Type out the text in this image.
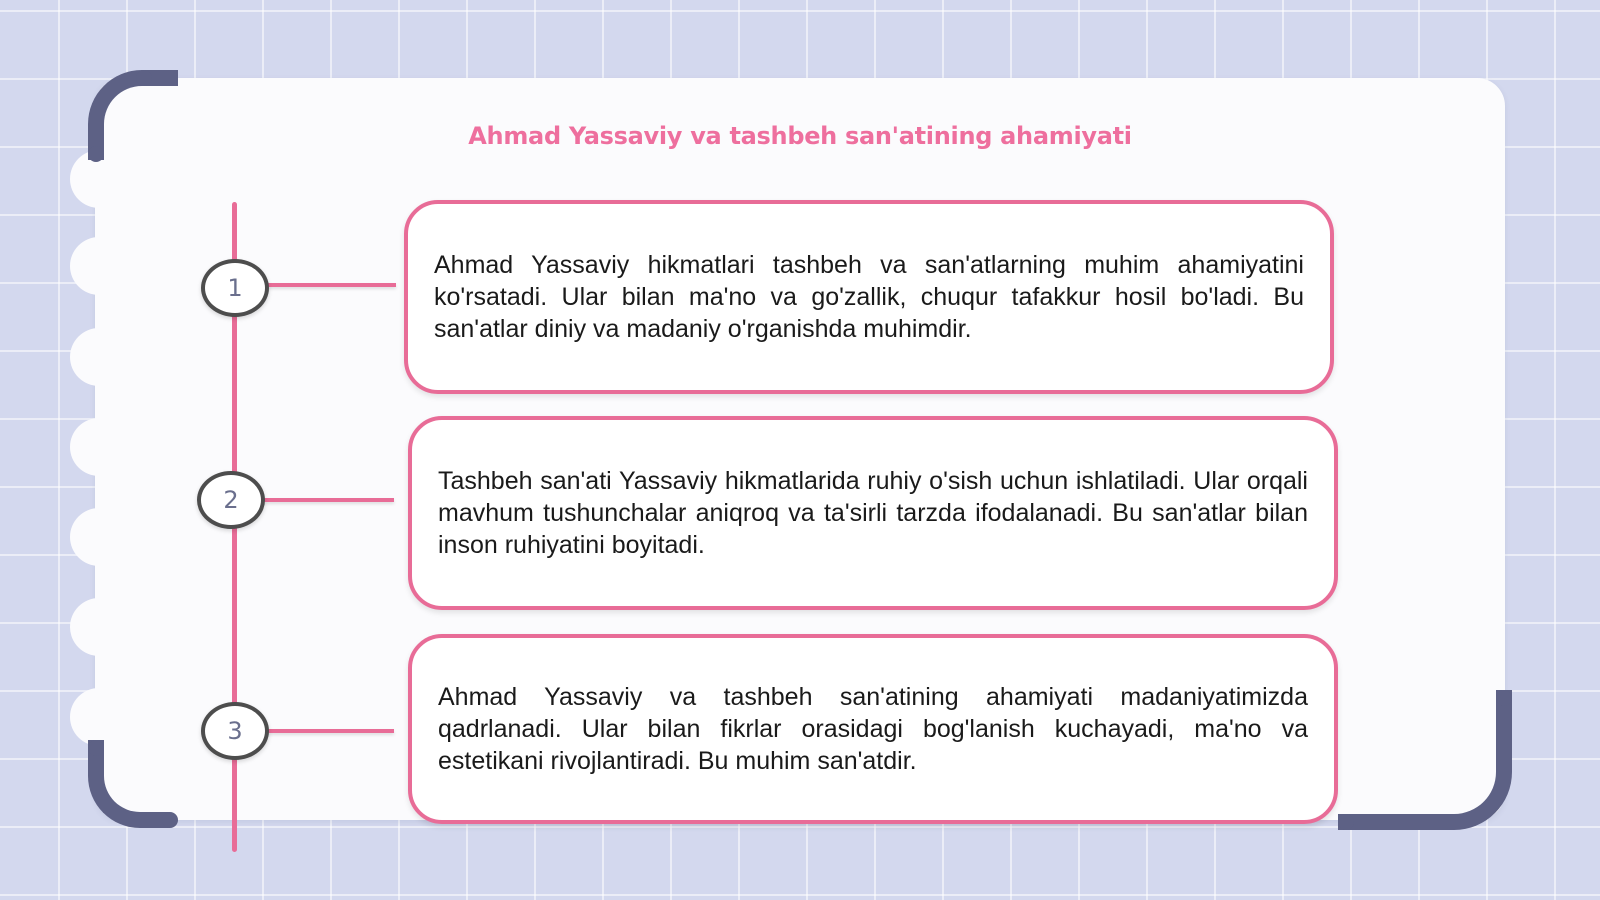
Ahmad Yassaviy va tashbeh san'atining ahamiyati
1
2
3

Ahmad Yassaviy hikmatlari tashbeh va san'atlarning muhim ahamiyatini ko'rsatadi. Ular bilan ma'no va go'zallik, chuqur tafakkur hosil bo'ladi. Bu san'atlar diniy va madaniy o'rganishda muhimdir.

Tashbeh san'ati Yassaviy hikmatlarida ruhiy o'sish uchun ishlatiladi. Ular orqali mavhum tushunchalar aniqroq va ta'sirli tarzda ifodalanadi. Bu san'atlar bilan inson ruhiyatini boyitadi.

Ahmad Yassaviy va tashbeh san'atining ahamiyati madaniyatimizda qadrlanadi. Ular bilan fikrlar orasidagi bog'lanish kuchayadi, ma'no va estetikani rivojlantiradi. Bu muhim san'atdir.
